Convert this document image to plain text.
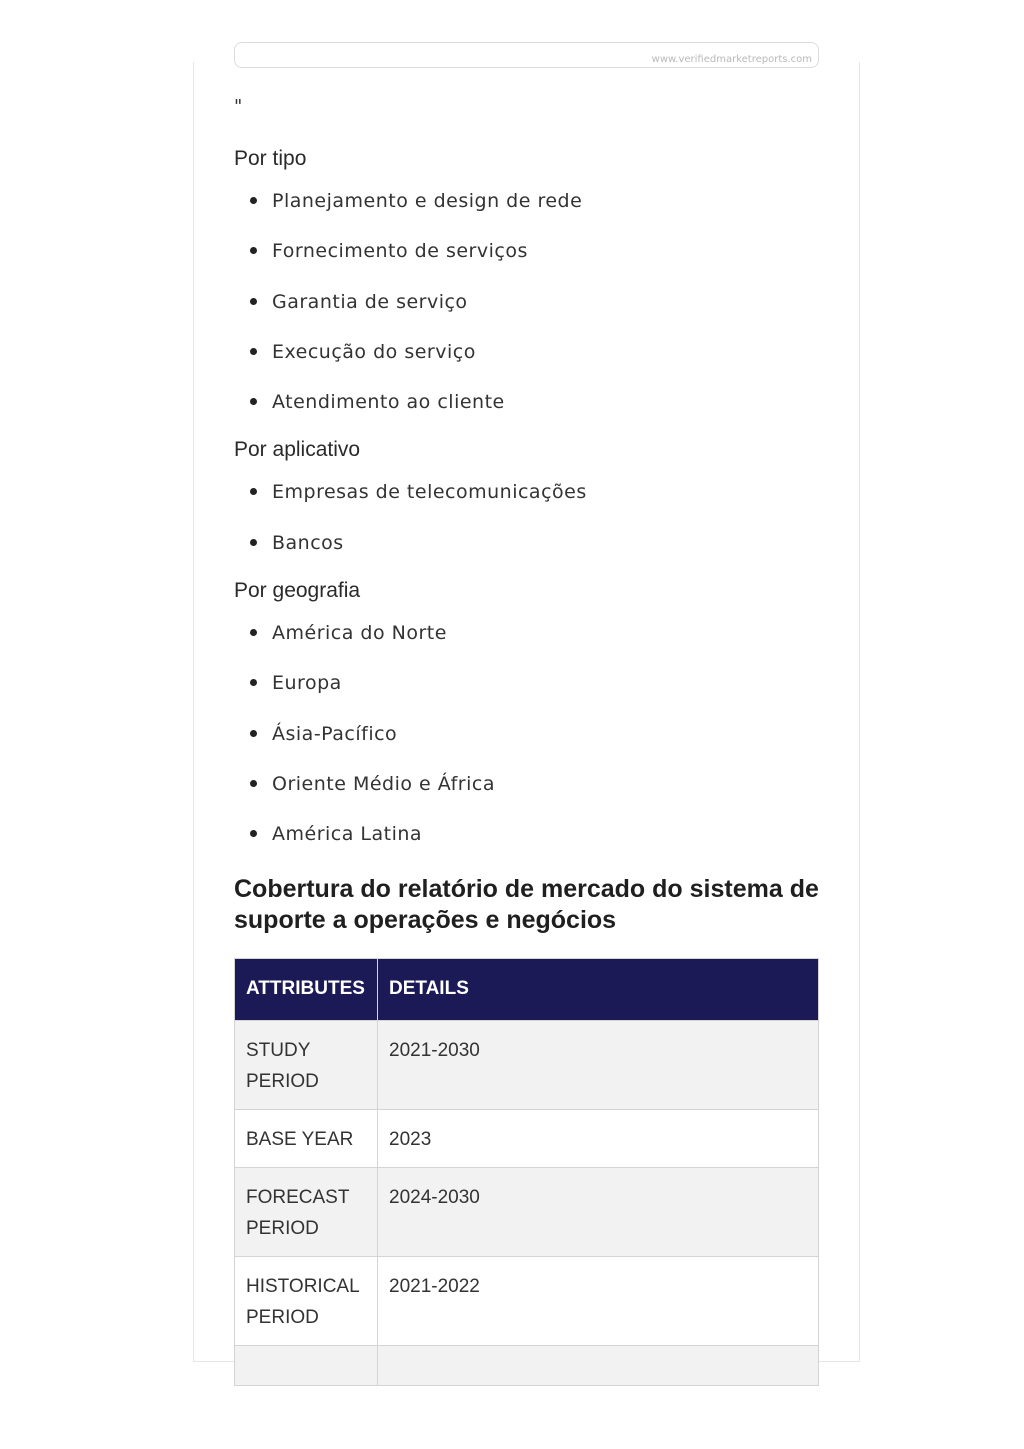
www.verifiedmarketreports.com
"
Por tipo
Planejamento e design de rede
Fornecimento de serviços
Garantia de serviço
Execução do serviço
Atendimento ao cliente
Por aplicativo
Empresas de telecomunicações
Bancos
Por geografia
América do Norte
Europa
Ásia-Pacífico
Oriente Médio e África
América Latina
Cobertura do relatório de mercado do sistema de suporte a operações e negócios
ATTRIBUTES	DETAILS
STUDY PERIOD	2021-2030
BASE YEAR	2023
FORECAST PERIOD	2024-2030
HISTORICAL PERIOD	2021-2022
